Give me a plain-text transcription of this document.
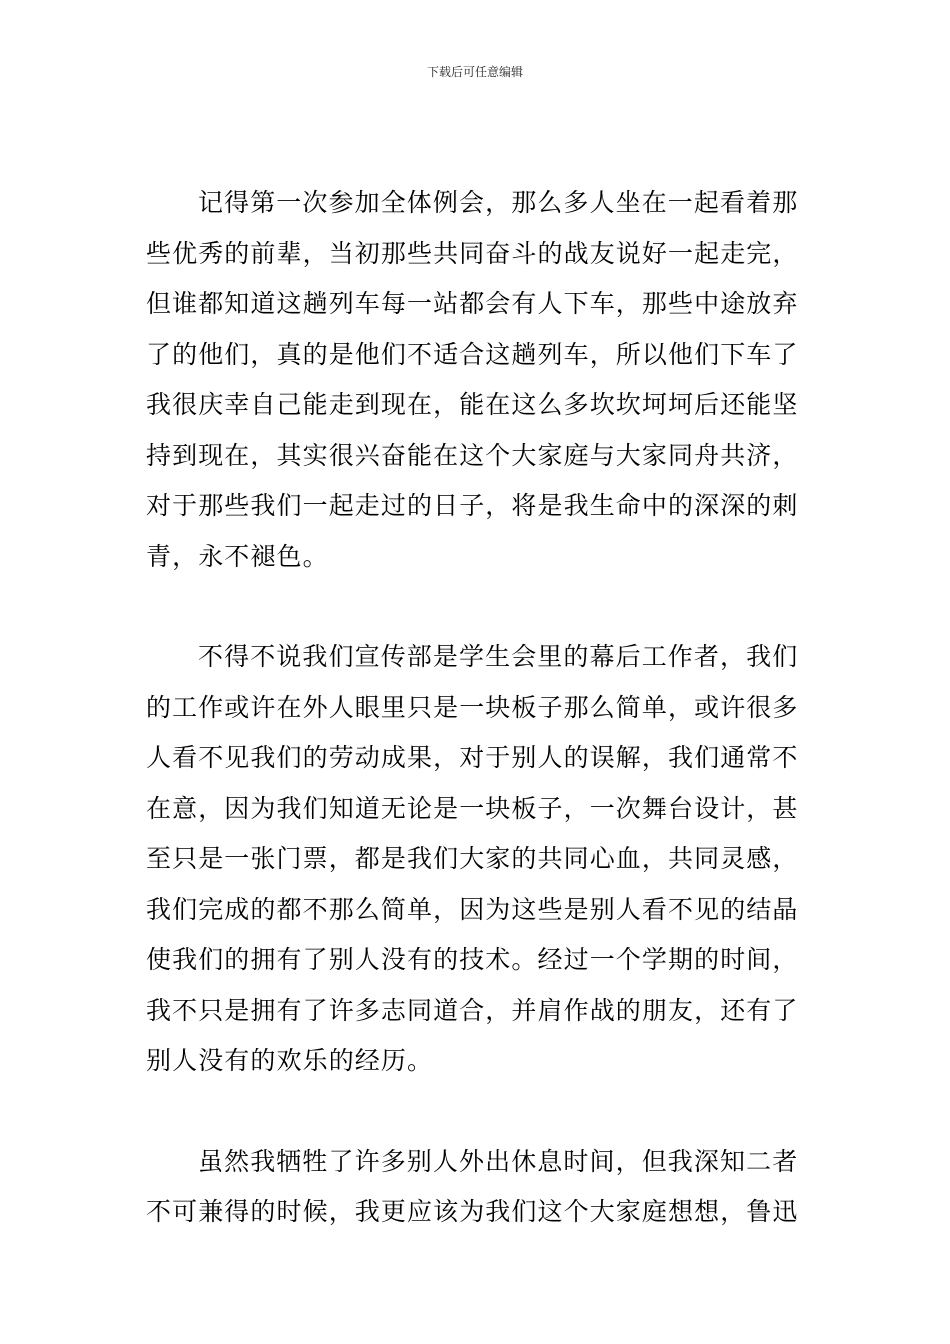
下载后可任意编辑
记得第一次参加全体例会，那么多人坐在一起看着那
些优秀的前辈，当初那些共同奋斗的战友说好一起走完，
但谁都知道这趟列车每一站都会有人下车，那些中途放弃
了的他们，真的是他们不适合这趟列车，所以他们下车了
我很庆幸自己能走到现在，能在这么多坎坎坷坷后还能坚
持到现在，其实很兴奋能在这个大家庭与大家同舟共济，
对于那些我们一起走过的日子，将是我生命中的深深的刺
青，永不褪色。
不得不说我们宣传部是学生会里的幕后工作者，我们
的工作或许在外人眼里只是一块板子那么简单，或许很多
人看不见我们的劳动成果，对于别人的误解，我们通常不
在意，因为我们知道无论是一块板子，一次舞台设计，甚
至只是一张门票，都是我们大家的共同心血，共同灵感，
我们完成的都不那么简单，因为这些是别人看不见的结晶
使我们的拥有了别人没有的技术。经过一个学期的时间，
我不只是拥有了许多志同道合，并肩作战的朋友，还有了
别人没有的欢乐的经历。
虽然我牺牲了许多别人外出休息时间，但我深知二者
不可兼得的时候，我更应该为我们这个大家庭想想，鲁迅
